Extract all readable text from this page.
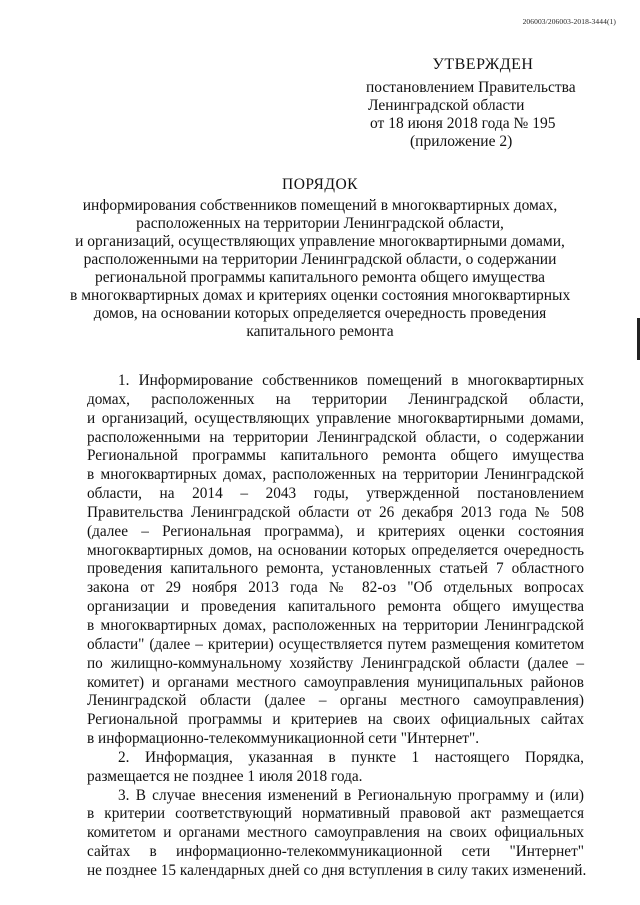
206003/206003-2018-3444(1)
УТВЕРЖДЕН
постановлением Правительства
Ленинградской области
от 18 июня 2018 года № 195
(приложение 2)
ПОРЯДОК
информирования собственников помещений в многоквартирных домах,
расположенных на территории Ленинградской области,
и организаций, осуществляющих управление многоквартирными домами,
расположенными на территории Ленинградской области, о содержании
региональной программы капитального ремонта общего имущества
в многоквартирных домах и критериях оценки состояния многоквартирных
домов, на основании которых определяется очередность проведения
капитального ремонта
1. Информирование собственников помещений в многоквартирных
домах, расположенных на территории Ленинградской области,
и организаций, осуществляющих управление многоквартирными домами,
расположенными на территории Ленинградской области, о содержании
Региональной программы капитального ремонта общего имущества
в многоквартирных домах, расположенных на территории Ленинградской
области, на 2014 – 2043 годы, утвержденной постановлением
Правительства Ленинградской области от 26 декабря 2013 года № 508
(далее – Региональная программа), и критериях оценки состояния
многоквартирных домов, на основании которых определяется очередность
проведения капитального ремонта, установленных статьей 7 областного
закона от 29 ноября 2013 года № 82-оз "Об отдельных вопросах
организации и проведения капитального ремонта общего имущества
в многоквартирных домах, расположенных на территории Ленинградской
области" (далее – критерии) осуществляется путем размещения комитетом
по жилищно-коммунальному хозяйству Ленинградской области (далее –
комитет) и органами местного самоуправления муниципальных районов
Ленинградской области (далее – органы местного самоуправления)
Региональной программы и критериев на своих официальных сайтах
в информационно-телекоммуникационной сети "Интернет".
2. Информация, указанная в пункте 1 настоящего Порядка,
размещается не позднее 1 июля 2018 года.
3. В случае внесения изменений в Региональную программу и (или)
в критерии соответствующий нормативный правовой акт размещается
комитетом и органами местного самоуправления на своих официальных
сайтах в информационно-телекоммуникационной сети "Интернет"
не позднее 15 календарных дней со дня вступления в силу таких изменений.
